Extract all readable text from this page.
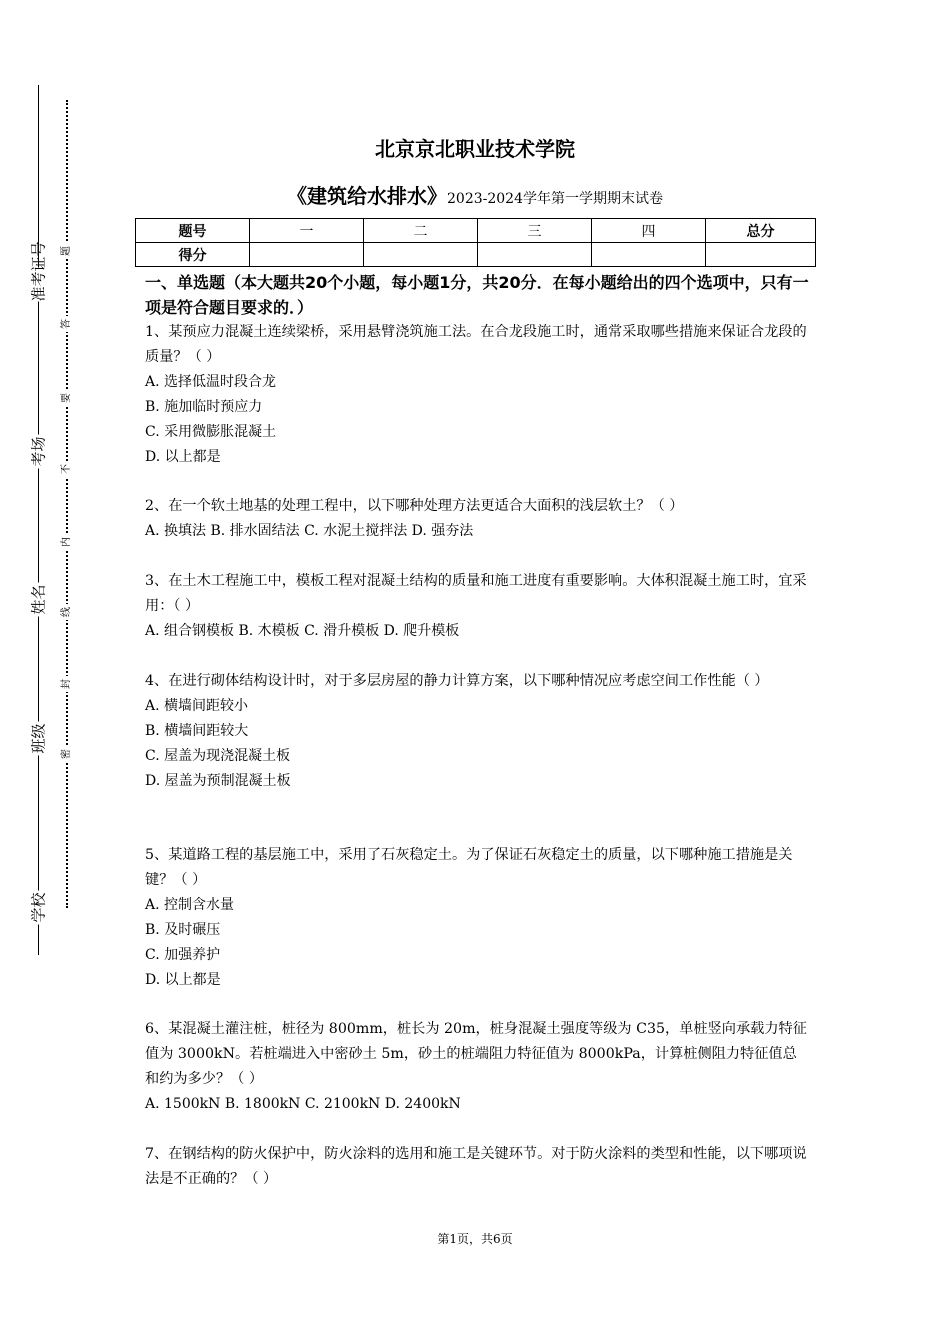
准考证号
考场
姓名
班级
学校
题
答
要
不
内
线
封
密
北京京北职业技术学院
《建筑给水排水》2023-2024学年第一学期期末试卷
题号	一	二	三	四	总分
得分					
一、单选题（本大题共20个小题，每小题1分，共20分．在每小题给出的四个选项中，只有一项是符合题目要求的．）

1、某预应力混凝土连续梁桥，采用悬臂浇筑施工法。在合龙段施工时，通常采取哪些措施来保证合龙段的质量？（ ）

A. 选择低温时段合龙

B. 施加临时预应力

C. 采用微膨胀混凝土

D. 以上都是

2、在一个软土地基的处理工程中，以下哪种处理方法更适合大面积的浅层软土？（ ）

A. 换填法 B. 排水固结法 C. 水泥土搅拌法 D. 强夯法

3、在土木工程施工中，模板工程对混凝土结构的质量和施工进度有重要影响。大体积混凝土施工时，宜采用：（ ）

A. 组合钢模板 B. 木模板 C. 滑升模板 D. 爬升模板

4、在进行砌体结构设计时，对于多层房屋的静力计算方案，以下哪种情况应考虑空间工作性能（ ）

A. 横墙间距较小

B. 横墙间距较大

C. 屋盖为现浇混凝土板

D. 屋盖为预制混凝土板

5、某道路工程的基层施工中，采用了石灰稳定土。为了保证石灰稳定土的质量，以下哪种施工措施是关键？（ ）

A. 控制含水量

B. 及时碾压

C. 加强养护

D. 以上都是

6、某混凝土灌注桩，桩径为 800mm，桩长为 20m，桩身混凝土强度等级为 C35，单桩竖向承载力特征值为 3000kN。若桩端进入中密砂土 5m，砂土的桩端阻力特征值为 8000kPa，计算桩侧阻力特征值总和约为多少？（ ）

A. 1500kN B. 1800kN C. 2100kN D. 2400kN

7、在钢结构的防火保护中，防火涂料的选用和施工是关键环节。对于防火涂料的类型和性能，以下哪项说法是不正确的？（ ）

第1页，共6页
